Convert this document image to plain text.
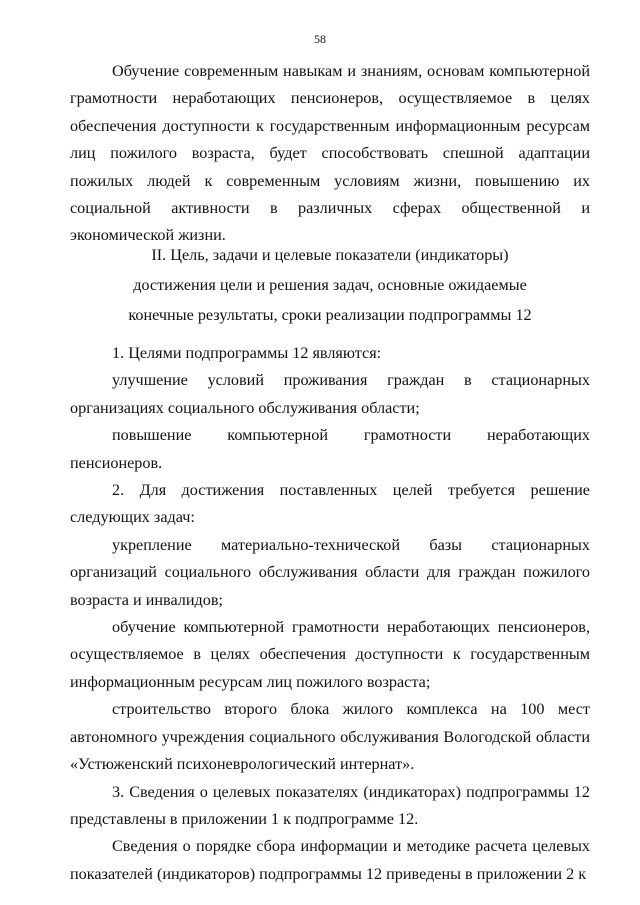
58

Обучение современным навыкам и знаниям, основам компьютерной грамотности неработающих пенсионеров, осуществляемое в целях обеспечения доступности к государственным информационным ресурсам лиц пожилого возраста, будет способствовать спешной адаптации пожилых людей к современным условиям жизни, повышению их социальной активности в различных сферах общественной и экономической жизни.

II. Цель, задачи и целевые показатели (индикаторы)
достижения цели и решения задач, основные ожидаемые
конечные результаты, сроки реализации подпрограммы 12

1. Целями подпрограммы 12 являются:

улучшение условий проживания граждан в стационарных организациях социального обслуживания области;

повышение компьютерной грамотности неработающих пенсионеров.

2. Для достижения поставленных целей требуется решение следующих задач:

укрепление материально-технической базы стационарных организаций социального обслуживания области для граждан пожилого возраста и инвалидов;

обучение компьютерной грамотности неработающих пенсионеров, осуществляемое в целях обеспечения доступности к государственным информационным ресурсам лиц пожилого возраста;

строительство второго блока жилого комплекса на 100 мест автономного учреждения социального обслуживания Вологодской области «Устюженский психоневрологический интернат».

3. Сведения о целевых показателях (индикаторах) подпрограммы 12 представлены в приложении 1 к подпрограмме 12.

Сведения о порядке сбора информации и методике расчета целевых показателей (индикаторов) подпрограммы 12 приведены в приложении 2 к
